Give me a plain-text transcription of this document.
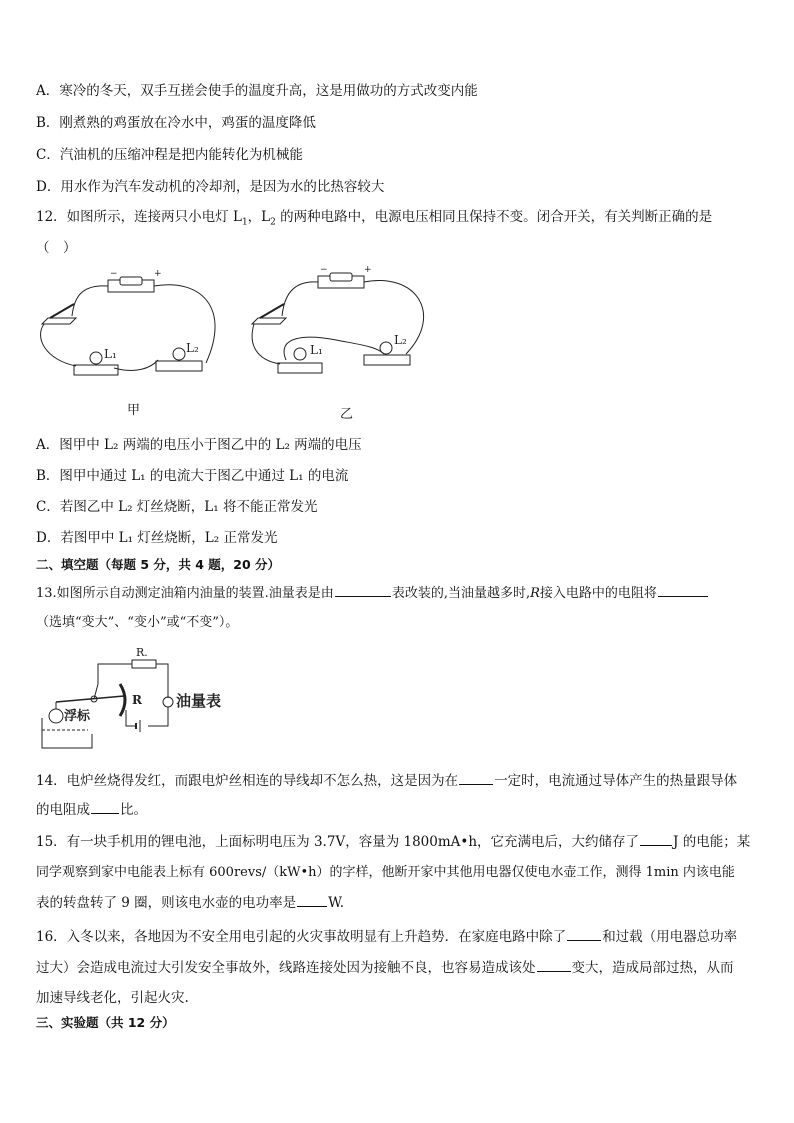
A．寒冷的冬天，双手互搓会使手的温度升高，这是用做功的方式改变内能
B．刚煮熟的鸡蛋放在冷水中，鸡蛋的温度降低
C．汽油机的压缩冲程是把内能转化为机械能
D．用水作为汽车发动机的冷却剂，是因为水的比热容较大
12．如图所示，连接两只小电灯 $L_1$，$L_2$ 的两种电路中，电源电压相同且保持不变。闭合开关，有关判断正确的是
（　）
−	+
L₁	L₂
甲
−	+
L₁
L₂
乙
A．图甲中 L₂ 两端的电压小于图乙中的 L₂ 两端的电压
B．图甲中通过 L₁ 的电流大于图乙中通过 L₁ 的电流
C．若图乙中 L₂ 灯丝烧断，L₁ 将不能正常发光
D．若图甲中 L₁ 灯丝烧断，L₂ 正常发光
二、填空题（每题 5 分，共 4 题，20 分）
13.如图所示自动测定油箱内油量的装置.油量表是由	表改装的,当油量越多时,R接入电路中的电阻将
（选填“变大”、“变小”或“不变”）。
R.
R
浮标
油量表
14．电炉丝烧得发红，而跟电炉丝相连的导线却不怎么热，这是因为在	一定时，电流通过导体产生的热量跟导体
的电阻成 比。
15．有一块手机用的锂电池，上面标明电压为 3.7V，容量为 1800mA•h，它充满电后，大约储存了	J 的电能；某
同学观察到家中电能表上标有 600revs/（kW•h）的字样，他断开家中其他用电器仅使电水壶工作，测得 1min 内该电能
表的转盘转了 9 圈，则该电水壶的电功率是 W.
16．入冬以来，各地因为不安全用电引起的火灾事故明显有上升趋势．在家庭电路中除了	和过载（用电器总功率
过大）会造成电流过大引发安全事故外，线路连接处因为接触不良，也容易造成该处	变大，造成局部过热，从而
加速导线老化，引起火灾.
三、实验题（共 12 分）
